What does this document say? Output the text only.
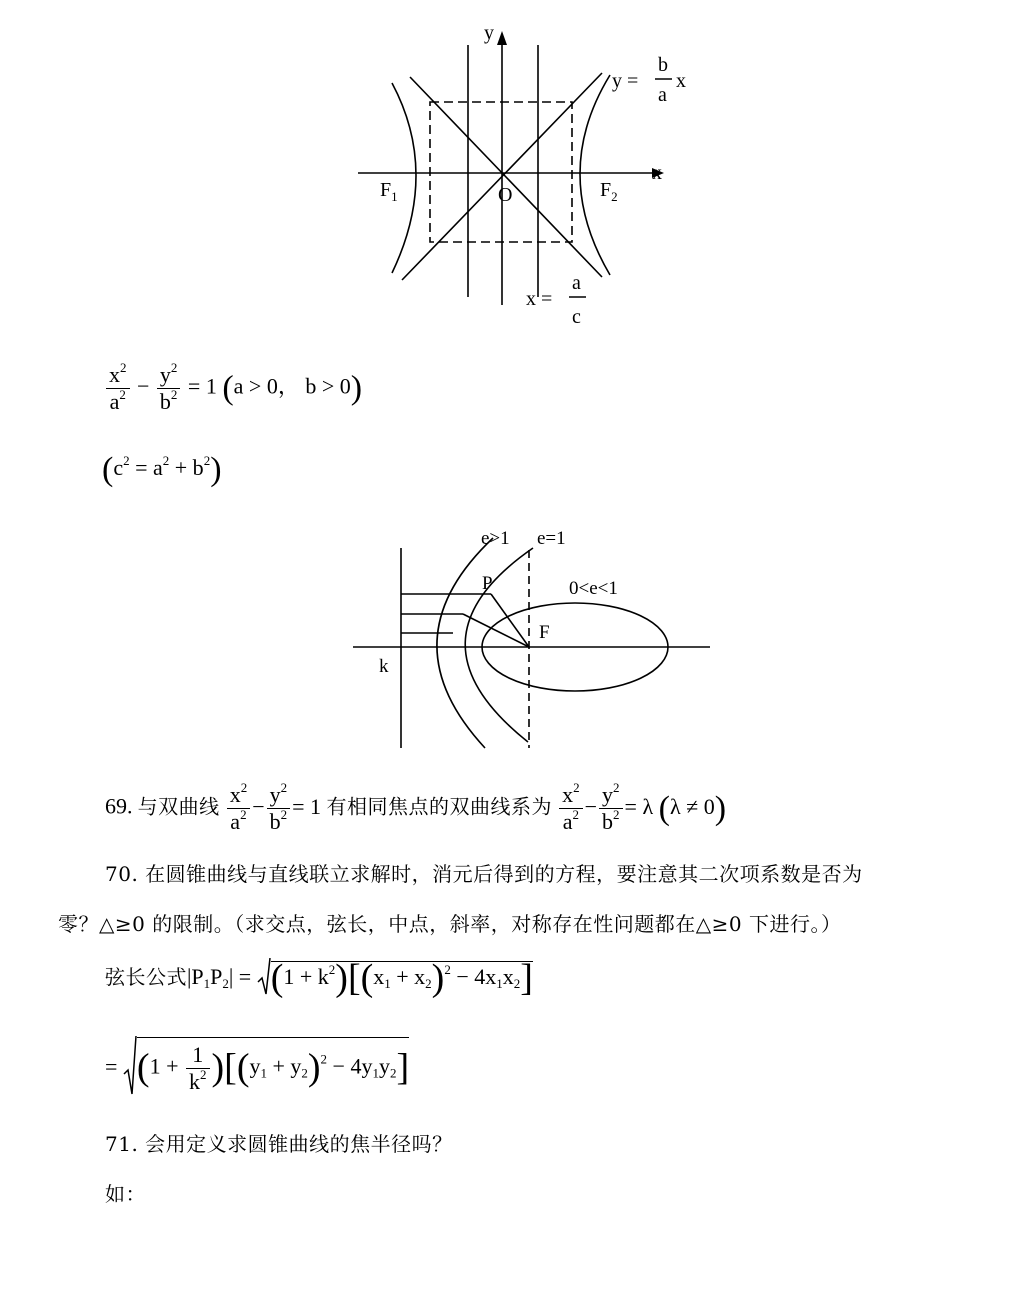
y
x
O
$F_1$	$F_2$
y =
b
a
x
x =
a
c
$\frac{x^2}{a^2} - \frac{y^2}{b^2} = 1$ (a > 0， b > 0)
$(c^2 = a^2 + b^2)$
e>1 e=1
0<e<1
P
F
k
69. 与双曲线 $\frac{x^2}{a^2} - \frac{y^2}{b^2} = 1$ 有相同焦点的双曲线系为 $\frac{x^2}{a^2} - \frac{y^2}{b^2} = \lambda$ (λ ≠ 0)
70. 在圆锥曲线与直线联立求解时，消元后得到的方程，要注意其二次项系数是否为
零？△≥0 的限制。（求交点，弦长，中点，斜率，对称存在性问题都在△≥0 下进行。）
弦长公式$|P_1P_2| = (1 + k^2)[(x_1 + x_2)^2 - 4x_1x_2]$
= $(1 + \frac{1}{k^2} )[(y_1 + y_2)^2 - 4y_1y_2]$
71. 会用定义求圆锥曲线的焦半径吗？
如：
